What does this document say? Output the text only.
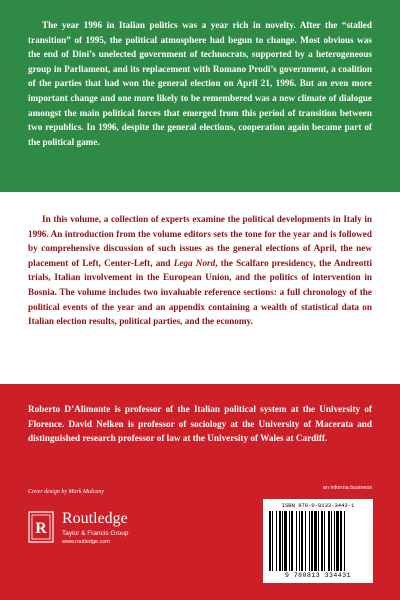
The year 1996 in Italian politics was a year rich in novelty. After the “stalled transition” of 1995, the political atmosphere had begun to change. Most obvious was the end of Dini’s unelected government of technocrats, supported by a heterogeneous group in Parliament, and its replacement with Romano Prodi’s government, a coalition of the parties that had won the general election on April 21, 1996. But an even more important change and one more likely to be remembered was a new climate of dialogue amongst the main political forces that emerged from this period of transition between two republics. In 1996, despite the general elections, cooperation again became part of the political game.

In this volume, a collection of experts examine the political developments in Italy in 1996. An introduction from the volume editors sets the tone for the year and is followed by comprehensive discussion of such issues as the general elections of April, the new placement of Left, Center-Left, and Lega Nord, the Scalfaro presidency, the Andreotti trials, Italian involvement in the European Union, and the politics of intervention in Bosnia. The volume includes two invaluable reference sections: a full chronology of the political events of the year and an appendix containing a wealth of statistical data on Italian election results, political parties, and the economy.

Roberto D’Alimonte is professor of the Italian political system at the University of Florence. David Nelken is professor of sociology at the University of Macerata and distinguished research professor of law at the University of Wales at Cardiff.

Cover design by Mark Mulcany

an informa business
R
Routledge
Taylor & Francis Group
www.routledge.com
ISBN 978-0-8133-3443-1
9 780813 334431
